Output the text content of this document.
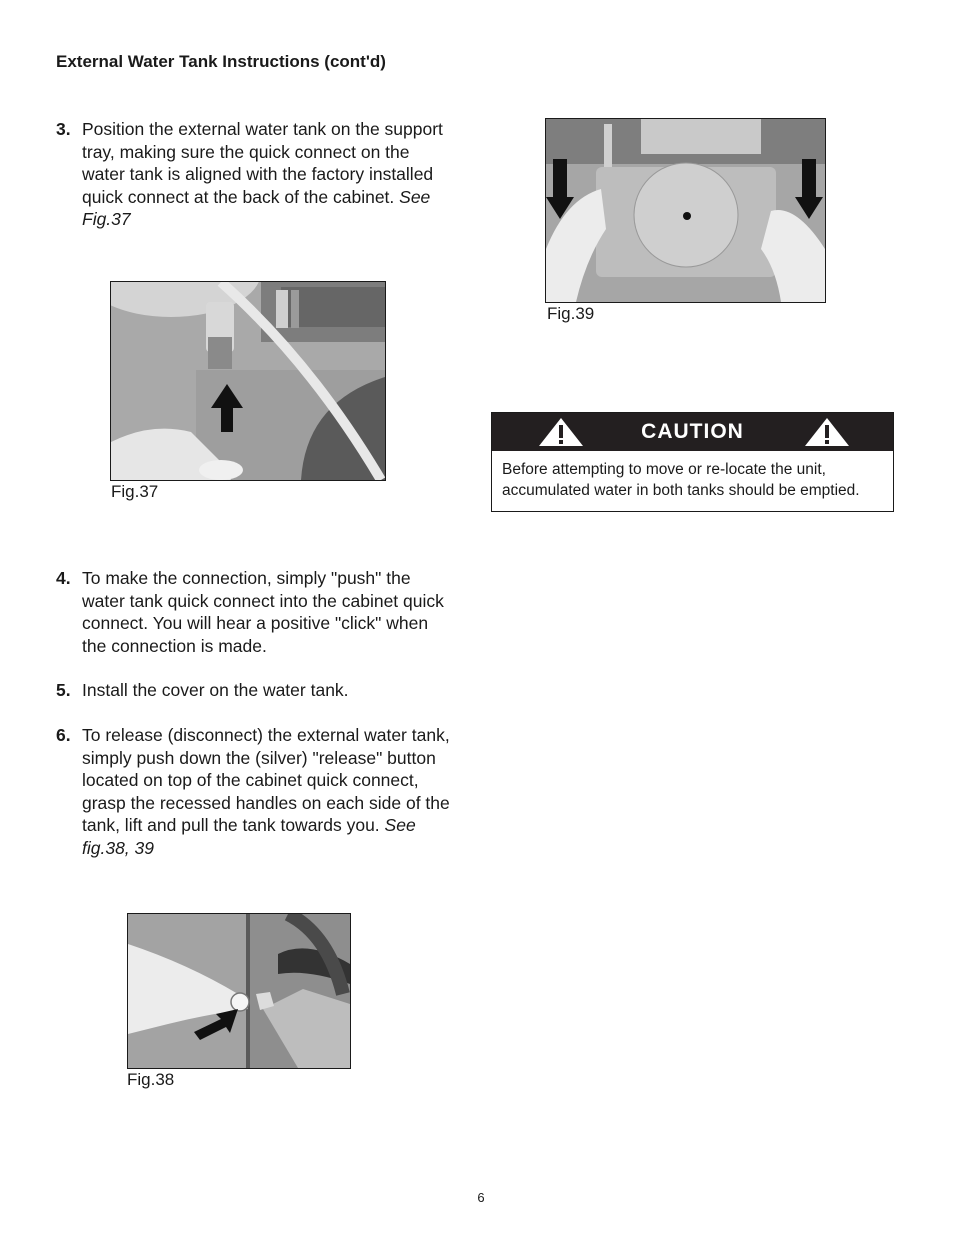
External Water Tank Instructions (cont'd)
3. Position the external water tank on the support tray, making sure the quick connect on the water tank is aligned with the factory installed quick connect at the back of the cabinet. See Fig.37
Fig.37
4. To make the connection, simply "push" the water tank quick connect into the cabinet quick connect. You will hear a positive "click" when the connection is made.
5. Install the cover on the water tank.
6. To release (disconnect) the external water tank, simply push down the (silver) "release" button located on top of the cabinet quick connect, grasp the recessed handles on each side of the tank, lift and pull the tank towards you. See fig.38, 39
Fig.38
Fig.39
CAUTION
Before attempting to move or re-locate the unit, accumulated water in both tanks should be emptied.
6
